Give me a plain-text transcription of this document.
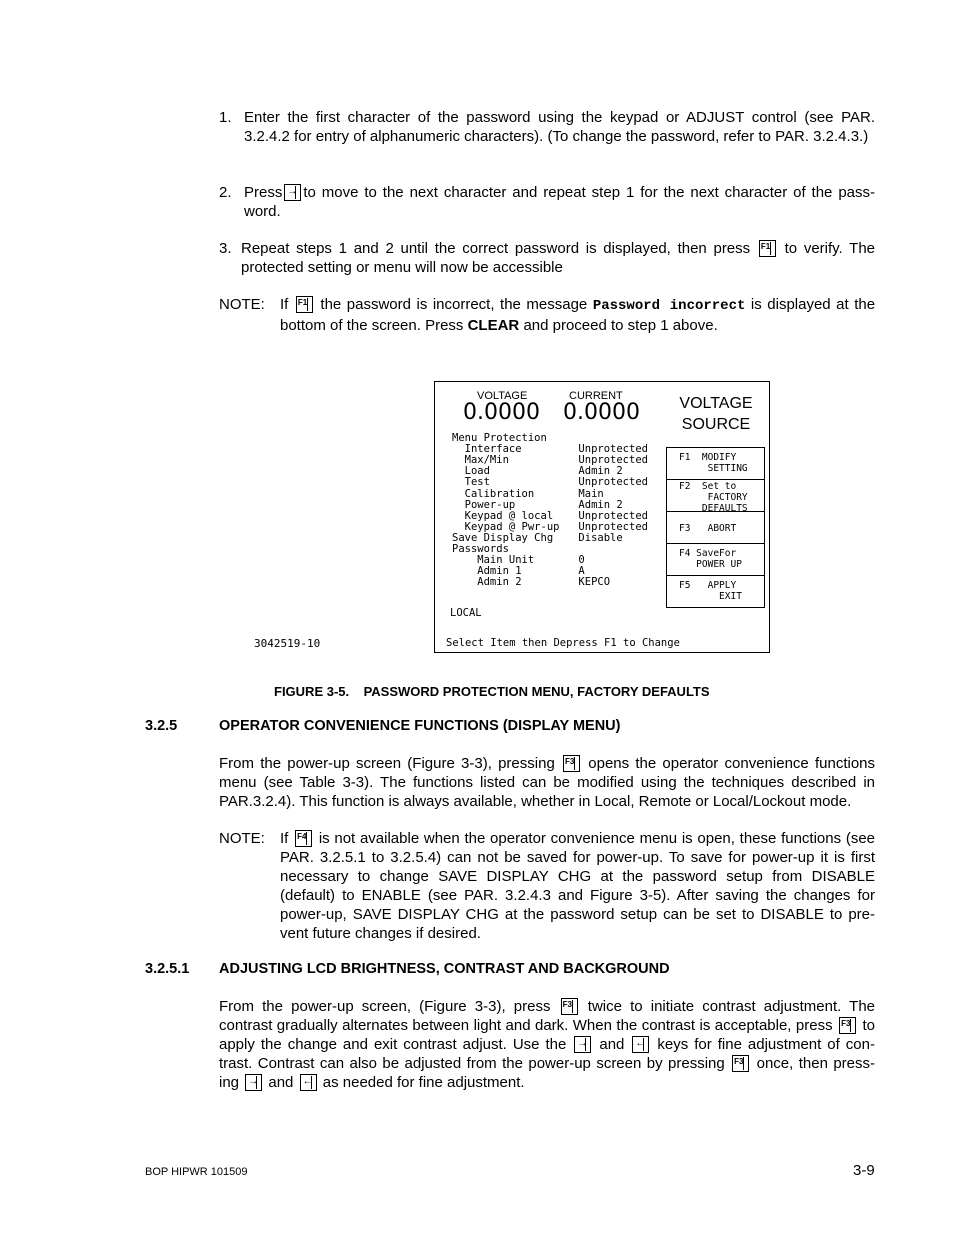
1. Enter the first character of the password using the keypad or ADJUST control (see PAR. 3.2.4.2 for entry of alphanumeric characters). (To change the password, refer to PAR. 3.2.4.3.)

2. Press → to move to the next character and repeat step 1 for the next character of the pass-word.

3. Repeat steps 1 and 2 until the correct password is displayed, then press F1 to verify. The protected setting or menu will now be accessible

NOTE: If F1 the password is incorrect, the message Password incorrect is displayed at the bottom of the screen. Press CLEAR and proceed to step 1 above.

VOLTAGE	CURRENT
0.0000 0.0000	VOLTAGE
SOURCE
Menu Protection
Interface         Unprotected
Max/Min           Unprotected
Load              Admin 2
Test              Unprotected
Calibration       Main
Power-up          Admin 2
Keypad @ local    Unprotected
Keypad @ Pwr-up   Unprotected
Save Display Chg    Disable
Passwords
Main Unit       0
Admin 1         A
Admin 2         KEPCO
F1  MODIFY
SETTING
F2  Set to
FACTORY
DEFAULTS

F3   ABORT
F4 SaveFor
POWER UP
F5   APPLY
EXIT
LOCAL
Select Item then Depress F1 to Change
3042519-10
FIGURE 3-5.    PASSWORD PROTECTION MENU, FACTORY DEFAULTS
3.2.5	OPERATOR CONVENIENCE FUNCTIONS (DISPLAY MENU)

From the power-up screen (Figure 3-3), pressing F3 opens the operator convenience functions menu (see Table 3-3). The functions listed can be modified using the techniques described in PAR.3.2.4). This function is always available, whether in Local, Remote or Local/Lockout mode.

NOTE: If F4 is not available when the operator convenience menu is open, these functions (see PAR. 3.2.5.1 to 3.2.5.4) can not be saved for power-up. To save for power-up it is first necessary to change SAVE DISPLAY CHG at the password setup from DISABLE (default) to ENABLE (see PAR. 3.2.4.3 and Figure 3-5). After saving the changes for power-up, SAVE DISPLAY CHG at the password setup can be set to DISABLE to pre-vent future changes if desired.

3.2.5.1 ADJUSTING LCD BRIGHTNESS, CONTRAST AND BACKGROUND

From the power-up screen, (Figure 3-3), press F3 twice to initiate contrast adjustment. The contrast gradually alternates between light and dark. When the contrast is acceptable, press F3 to apply the change and exit contrast adjust. Use the → and ← keys for fine adjustment of con-trast. Contrast can also be adjusted from the power-up screen by pressing F3 once, then press-ing → and ← as needed for fine adjustment.

BOP HIPWR 101509	3-9
